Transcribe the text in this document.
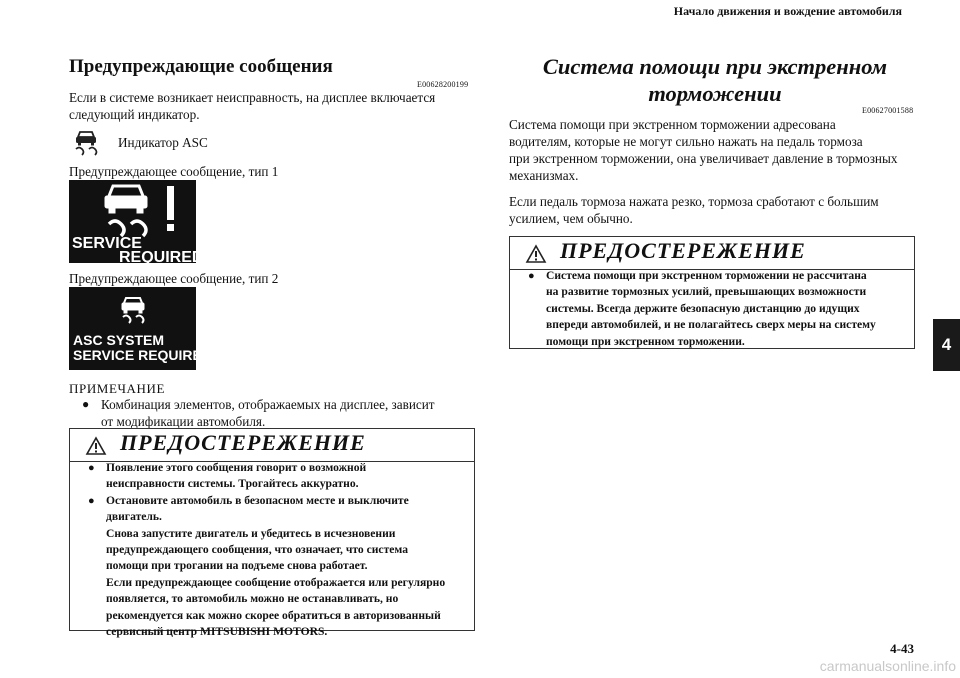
Начало движения и вождение автомобиля
Предупреждающие сообщения
E00628200199
Если в системе возникает неисправность, на дисплее включается
следующий индикатор.
Индикатор ASC
Предупреждающее сообщение, тип 1
SERVICE
REQUIRED
Предупреждающее сообщение, тип 2
ASC SYSTEM
SERVICE REQUIRED
ПРИМЕЧАНИЕ
● Комбинация элементов, отображаемых на дисплее, зависит
от модификации автомобиля.
ПРЕДОСТЕРЕЖЕНИЕ
● Появление этого сообщения говорит о возможной
неисправности системы. Трогайтесь аккуратно.
● Остановите автомобиль в безопасном месте и выключите
двигатель.
Снова запустите двигатель и убедитесь в исчезновении
предупреждающего сообщения, что означает, что система
помощи при трогании на подъеме снова работает.
Если предупреждающее сообщение отображается или регулярно
появляется, то автомобиль можно не останавливать, но
рекомендуется как можно скорее обратиться в авторизованный
сервисный центр MITSUBISHI MOTORS.
Система помощи при экстренном
торможении
E00627001588
Система помощи при экстренном торможении адресована
водителям, которые не могут сильно нажать на педаль тормоза
при экстренном торможении, она увеличивает давление в тормозных
механизмах.
Если педаль тормоза нажата резко, тормоза сработают с большим
усилием, чем обычно.
ПРЕДОСТЕРЕЖЕНИЕ
● Система помощи при экстренном торможении не рассчитана
на развитие тормозных усилий, превышающих возможности
системы. Всегда держите безопасную дистанцию до идущих
впереди автомобилей, и не полагайтесь сверх меры на систему
помощи при экстренном торможении.	4
4-43
carmanualsonline.info
